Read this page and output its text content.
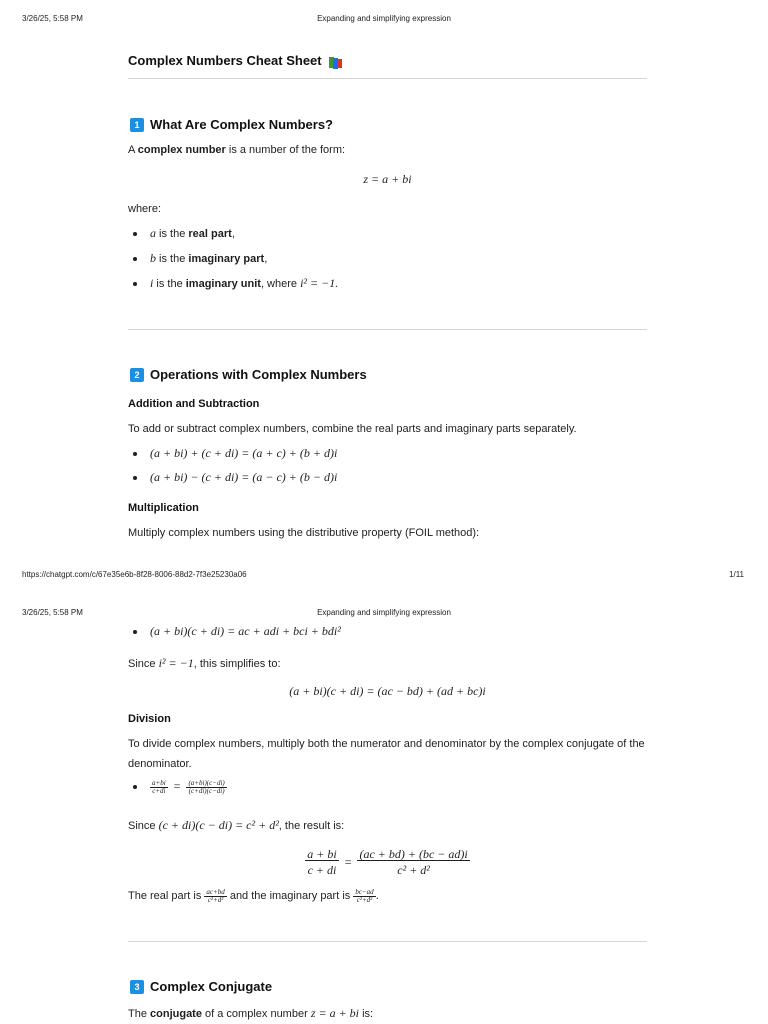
3/26/25, 5:58 PM	Expanding and simplifying expression
Complex Numbers Cheat Sheet
1 What Are Complex Numbers?
A complex number is a number of the form:
z = a + bi
where:
a is the real part ,
b is the imaginary part ,
i is the imaginary unit , where i² = −1.
2 Operations with Complex Numbers
Addition and Subtraction
To add or subtract complex numbers, combine the real parts and imaginary parts separately.
(a + bi) + (c + di) = (a + c) + (b + d)i
(a + bi) − (c + di) = (a − c) + (b − d)i
Multiplication
Multiply complex numbers using the distributive property (FOIL method):
https://chatgpt.com/c/67e35e6b-8f28-8006-88d2-7f3e25230a06	1/11
3/26/25, 5:58 PM	Expanding and simplifying expression
(a + bi)(c + di) = ac + adi + bci + bdi²
Since i² = −1, this simplifies to:
(a + bi)(c + di) = (ac − bd) + (ad + bc)i
Division
To divide complex numbers, multiply both the numerator and denominator by the complex conjugate of the denominator.
$\frac{a+bi}{c+di} = \frac{(a+bi)(c-di)}{(c+di)(c-di)}$
Since (c + di)(c − di) = c² + d², the result is:
$\frac{a + bi}{c + di} = \frac{(ac + bd) + (bc - ad)i}{\text{c² + d²}}$
The real part is $\frac{ac+bd}{\text{c²+d²}}$ and the imaginary part is $\frac{bc-ad}{\text{c²+d²}}$ .
3 Complex Conjugate
The conjugate of a complex number z = a + bi is:
